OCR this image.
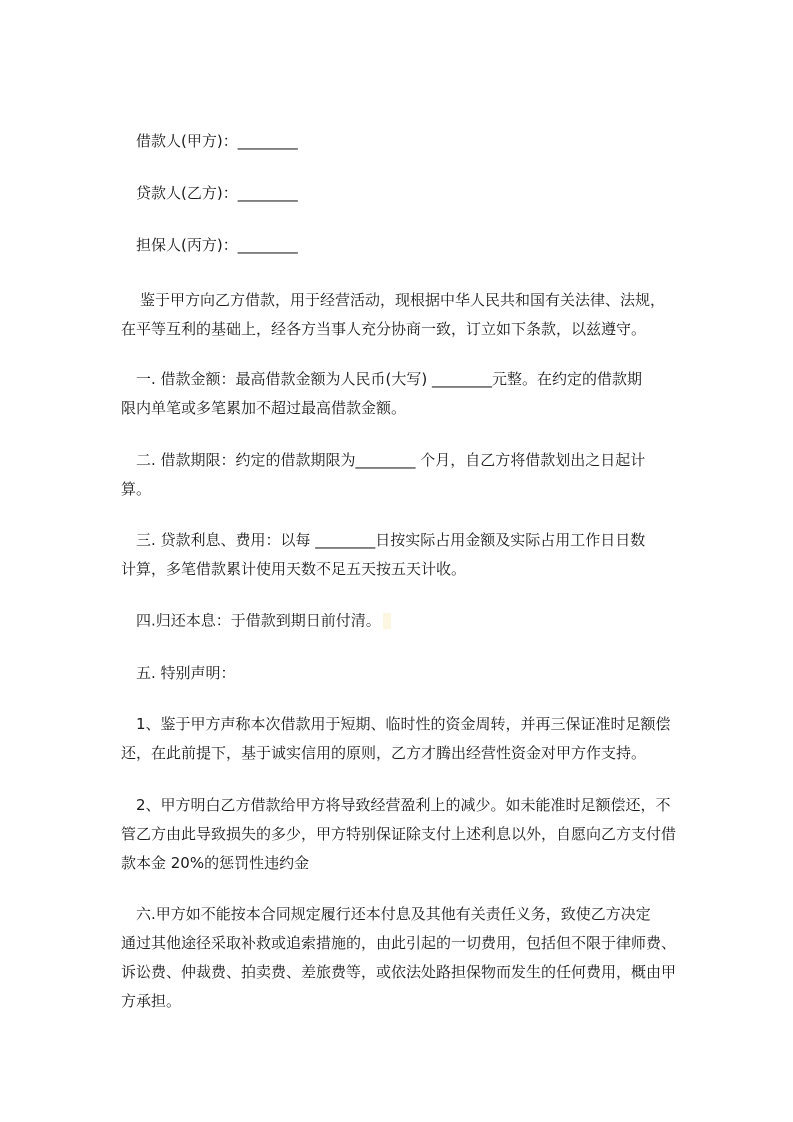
借款人(甲方)：________

贷款人(乙方)：________

担保人(丙方)：________

鉴于甲方向乙方借款，用于经营活动，现根据中华人民共和国有关法律、法规，
在平等互利的基础上，经各方当事人充分协商一致，订立如下条款，以兹遵守。
一. 借款金额：最高借款金额为人民币(大写) ________元整。在约定的借款期
限内单笔或多笔累加不超过最高借款金额。
二. 借款期限：约定的借款期限为________ 个月，自乙方将借款划出之日起计
算。
三. 贷款利息、费用：以每 ________日按实际占用金额及实际占用工作日日数
计算，多笔借款累计使用天数不足五天按五天计收。

四.归还本息：于借款到期日前付清。

五. 特别声明：

1、鉴于甲方声称本次借款用于短期、临时性的资金周转，并再三保证准时足额偿
还，在此前提下，基于诚实信用的原则，乙方才腾出经营性资金对甲方作支持。
2、甲方明白乙方借款给甲方将导致经营盈利上的减少。如未能准时足额偿还，不
管乙方由此导致损失的多少，甲方特别保证除支付上述利息以外，自愿向乙方支付借
款本金 20%的惩罚性违约金
六.甲方如不能按本合同规定履行还本付息及其他有关责任义务，致使乙方决定
通过其他途径采取补救或追索措施的，由此引起的一切费用，包括但不限于律师费、
诉讼费、仲裁费、拍卖费、差旅费等，或依法处路担保物而发生的任何费用，概由甲
方承担。
